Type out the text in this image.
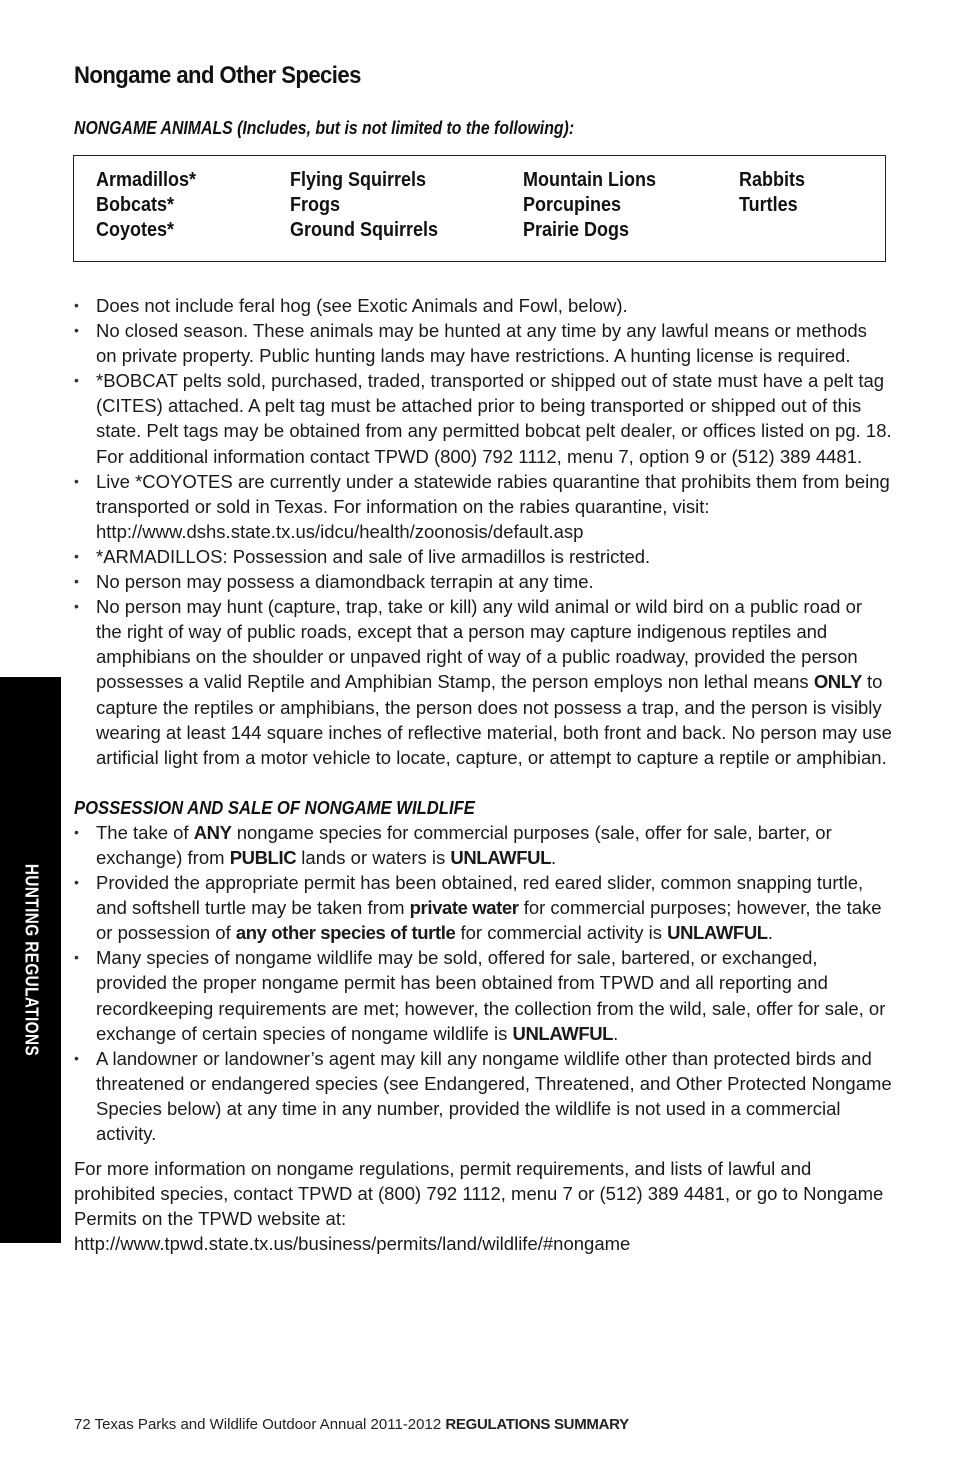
Nongame and Other Species
NONGAME ANIMALS (Includes, but is not limited to the following):
Armadillos*
Bobcats*
Coyotes*
Flying Squirrels
Frogs
Ground Squirrels
Mountain Lions
Porcupines
Prairie Dogs
Rabbits
Turtles
• Does not include feral hog (see Exotic Animals and Fowl, below).
• No closed season. These animals may be hunted at any time by any lawful means or methods on private property. Public hunting lands may have restrictions. A hunting license is required.
• *BOBCAT pelts sold, purchased, traded, transported or shipped out of state must have a pelt tag (CITES) attached. A pelt tag must be attached prior to being transported or shipped out of this state. Pelt tags may be obtained from any permitted bobcat pelt dealer, or offices listed on pg. 18. For additional information contact TPWD (800) 792 1112, menu 7, option 9 or (512) 389 4481.
• Live *COYOTES are currently under a statewide rabies quarantine that prohibits them from being transported or sold in Texas. For information on the rabies quarantine, visit: http://www.dshs.state.tx.us/idcu/health/zoonosis/default.asp
• *ARMADILLOS: Possession and sale of live armadillos is restricted.
• No person may possess a diamondback terrapin at any time.
• No person may hunt (capture, trap, take or kill) any wild animal or wild bird on a public road or the right of way of public roads, except that a person may capture indigenous reptiles and amphibians on the shoulder or unpaved right of way of a public roadway, provided the person possesses a valid Reptile and Amphibian Stamp, the person employs non lethal means ONLY to capture the reptiles or amphibians, the person does not possess a trap, and the person is visibly wearing at least 144 square inches of reflective material, both front and back. No person may use artificial light from a motor vehicle to locate, capture, or attempt to capture a reptile or amphibian.
POSSESSION AND SALE OF NONGAME WILDLIFE
• The take of ANY nongame species for commercial purposes (sale, offer for sale, barter, or exchange) from PUBLIC lands or waters is UNLAWFUL.
• Provided the appropriate permit has been obtained, red eared slider, common snapping turtle, and softshell turtle may be taken from private water for commercial purposes; however, the take or possession of any other species of turtle for commercial activity is UNLAWFUL.
• Many species of nongame wildlife may be sold, offered for sale, bartered, or exchanged, provided the proper nongame permit has been obtained from TPWD and all reporting and recordkeeping requirements are met; however, the collection from the wild, sale, offer for sale, or exchange of certain species of nongame wildlife is UNLAWFUL.
• A landowner or landowner’s agent may kill any nongame wildlife other than protected birds and threatened or endangered species (see Endangered, Threatened, and Other Protected Nongame Species below) at any time in any number, provided the wildlife is not used in a commercial activity.

For more information on nongame regulations, permit requirements, and lists of lawful and prohibited species, contact TPWD at (800) 792 1112, menu 7 or (512) 389 4481, or go to Nongame Permits on the TPWD website at: http://www.tpwd.state.tx.us/business/permits/land/wildlife/#nongame

HUNTING REGULATIONS
72 Texas Parks and Wildlife Outdoor Annual 2011-2012 REGULATIONS SUMMARY
